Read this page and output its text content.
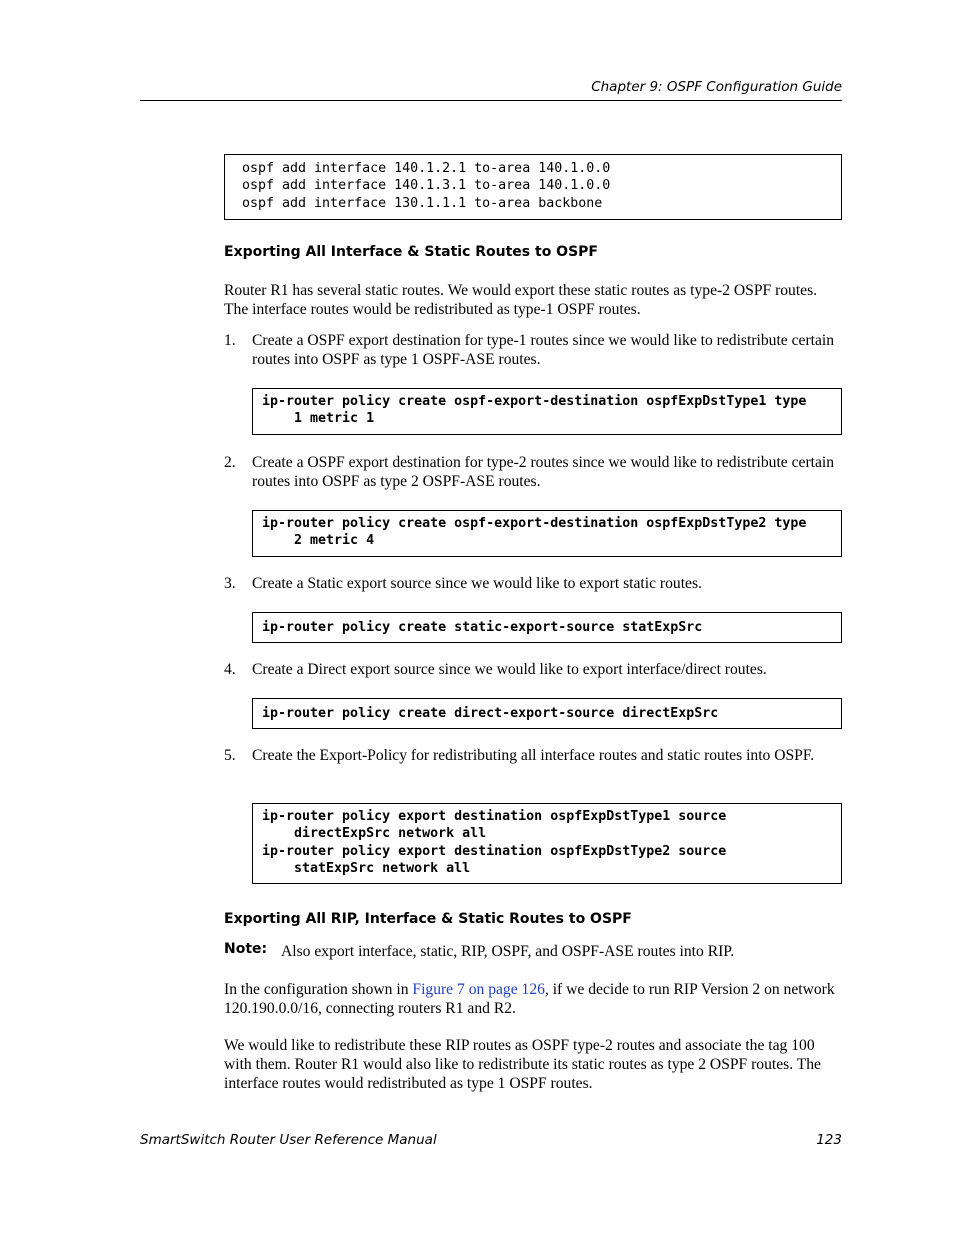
Chapter 9: OSPF Configuration Guide
ospf add interface 140.1.2.1 to-area 140.1.0.0
ospf add interface 140.1.3.1 to-area 140.1.0.0
ospf add interface 130.1.1.1 to-area backbone
Exporting All Interface & Static Routes to OSPF
Router R1 has several static routes. We would export these static routes as type-2 OSPF routes. The interface routes would be redistributed as type-1 OSPF routes.
1. Create a OSPF export destination for type-1 routes since we would like to redistribute certain routes into OSPF as type 1 OSPF-ASE routes.
ip-router policy create ospf-export-destination ospfExpDstType1 type
1 metric 1
2. Create a OSPF export destination for type-2 routes since we would like to redistribute certain routes into OSPF as type 2 OSPF-ASE routes.
ip-router policy create ospf-export-destination ospfExpDstType2 type
2 metric 4
3. Create a Static export source since we would like to export static routes.
ip-router policy create static-export-source statExpSrc
4. Create a Direct export source since we would like to export interface/direct routes.
ip-router policy create direct-export-source directExpSrc
5. Create the Export-Policy for redistributing all interface routes and static routes into OSPF.
ip-router policy export destination ospfExpDstType1 source
directExpSrc network all
ip-router policy export destination ospfExpDstType2 source
statExpSrc network all
Exporting All RIP, Interface & Static Routes to OSPF
Note: Also export interface, static, RIP, OSPF, and OSPF-ASE routes into RIP.
In the configuration shown in Figure 7 on page 126, if we decide to run RIP Version 2 on network 120.190.0.0/16, connecting routers R1 and R2.
We would like to redistribute these RIP routes as OSPF type-2 routes and associate the tag 100 with them. Router R1 would also like to redistribute its static routes as type 2 OSPF routes. The interface routes would redistributed as type 1 OSPF routes.
SmartSwitch Router User Reference Manual	123
